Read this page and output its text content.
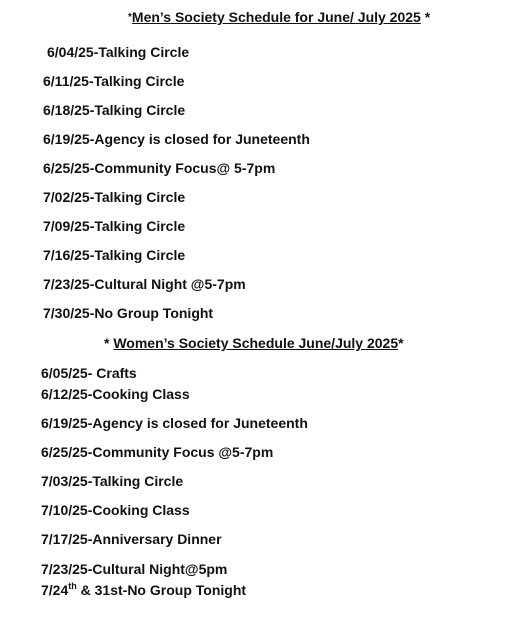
*Men’s Society Schedule for June/ July 2025 *
6/04/25-Talking Circle
6/11/25-Talking Circle
6/18/25-Talking Circle
6/19/25-Agency is closed for Juneteenth
6/25/25-Community Focus@ 5-7pm
7/02/25-Talking Circle
7/09/25-Talking Circle
7/16/25-Talking Circle
7/23/25-Cultural Night @5-7pm
7/30/25-No Group Tonight
* Women’s Society Schedule June/July 2025*
6/05/25- Crafts
6/12/25-Cooking Class
6/19/25-Agency is closed for Juneteenth
6/25/25-Community Focus @5-7pm
7/03/25-Talking Circle
7/10/25-Cooking Class
7/17/25-Anniversary Dinner
7/23/25-Cultural Night@5pm
7/24th & 31st-No Group Tonight
